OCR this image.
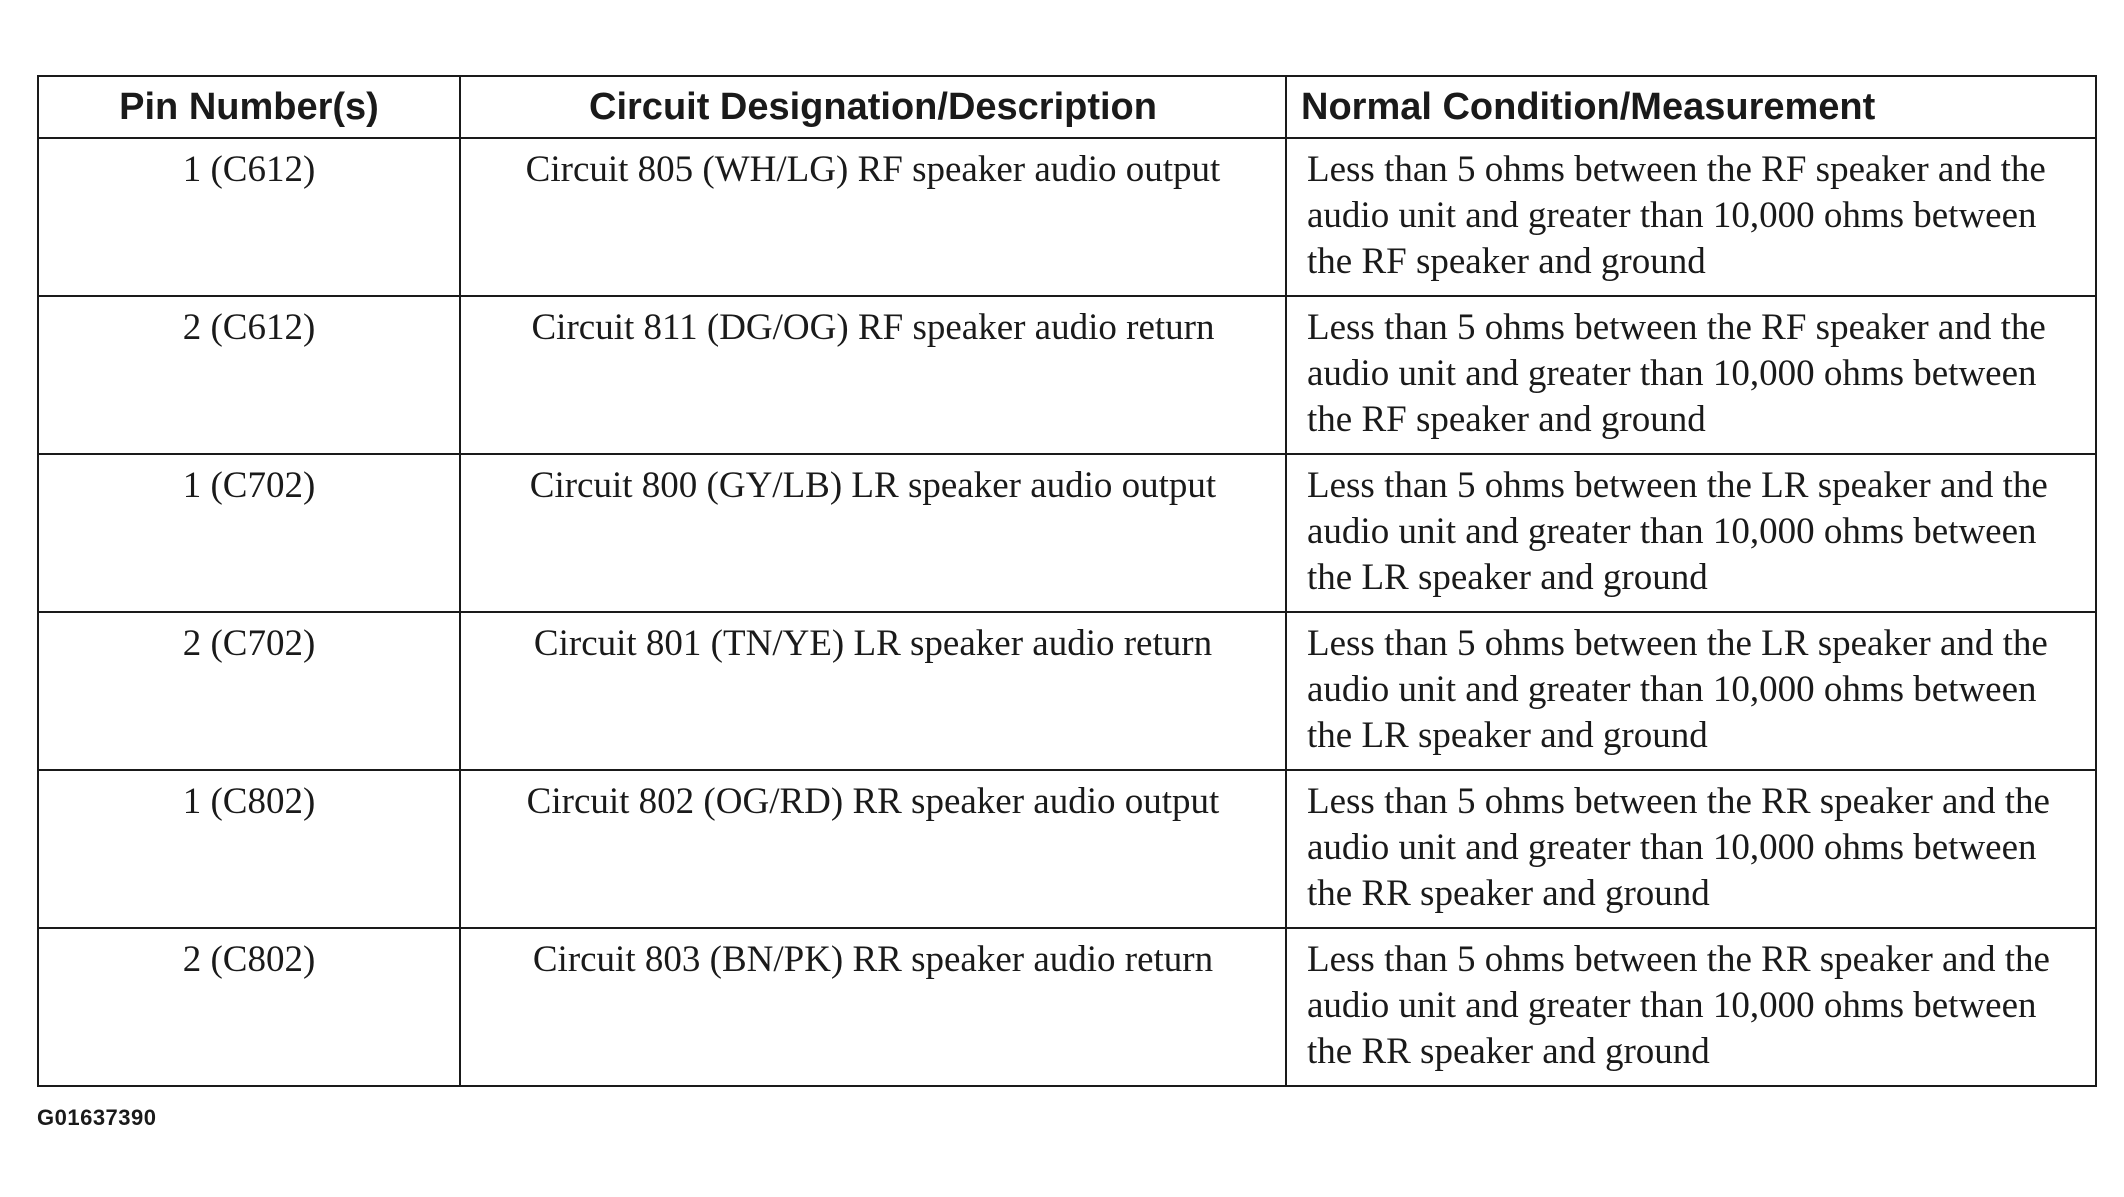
Pin Number(s)	Circuit Designation/Description	Normal Condition/Measurement
1 (C612)	Circuit 805 (WH/LG) RF speaker audio output	Less than 5 ohms between the RF speaker and the audio unit and greater than 10,000 ohms between the RF speaker and ground
2 (C612)	Circuit 811 (DG/OG) RF speaker audio return	Less than 5 ohms between the RF speaker and the audio unit and greater than 10,000 ohms between the RF speaker and ground
1 (C702)	Circuit 800 (GY/LB) LR speaker audio output	Less than 5 ohms between the LR speaker and the audio unit and greater than 10,000 ohms between the LR speaker and ground
2 (C702)	Circuit 801 (TN/YE) LR speaker audio return	Less than 5 ohms between the LR speaker and the audio unit and greater than 10,000 ohms between the LR speaker and ground
1 (C802)	Circuit 802 (OG/RD) RR speaker audio output	Less than 5 ohms between the RR speaker and the audio unit and greater than 10,000 ohms between the RR speaker and ground
2 (C802)	Circuit 803 (BN/PK) RR speaker audio return	Less than 5 ohms between the RR speaker and the audio unit and greater than 10,000 ohms between the RR speaker and ground
G01637390
